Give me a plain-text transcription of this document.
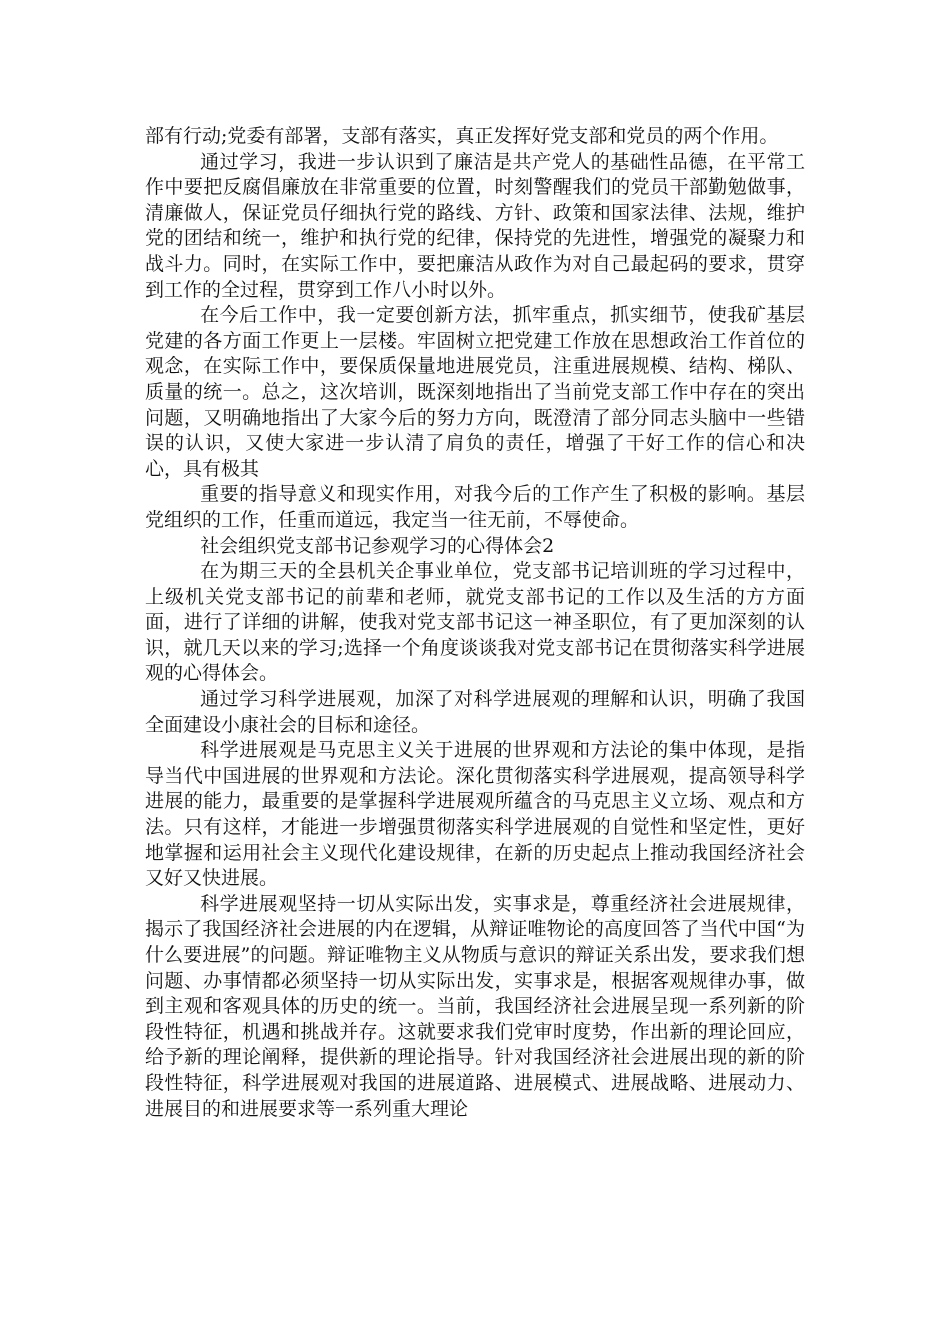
部有行动;党委有部署，支部有落实，真正发挥好党支部和党员的两个作用。

通过学习，我进一步认识到了廉洁是共产党人的基础性品德，在平常工作中要把反腐倡廉放在非常重要的位置，时刻警醒我们的党员干部勤勉做事，清廉做人，保证党员仔细执行党的路线、方针、政策和国家法律、法规，维护党的团结和统一，维护和执行党的纪律，保持党的先进性，增强党的凝聚力和战斗力。同时，在实际工作中，要把廉洁从政作为对自己最起码的要求，贯穿到工作的全过程，贯穿到工作八小时以外。

在今后工作中，我一定要创新方法，抓牢重点，抓实细节，使我矿基层党建的各方面工作更上一层楼。牢固树立把党建工作放在思想政治工作首位的观念，在实际工作中，要保质保量地进展党员，注重进展规模、结构、梯队、质量的统一。总之，这次培训，既深刻地指出了当前党支部工作中存在的突出问题，又明确地指出了大家今后的努力方向，既澄清了部分同志头脑中一些错误的认识，又使大家进一步认清了肩负的责任，增强了干好工作的信心和决心，具有极其

重要的指导意义和现实作用，对我今后的工作产生了积极的影响。基层党组织的工作，任重而道远，我定当一往无前，不辱使命。

社会组织党支部书记参观学习的心得体会2

在为期三天的全县机关企事业单位，党支部书记培训班的学习过程中，上级机关党支部书记的前辈和老师，就党支部书记的工作以及生活的方方面面，进行了详细的讲解，使我对党支部书记这一神圣职位，有了更加深刻的认识，就几天以来的学习;选择一个角度谈谈我对党支部书记在贯彻落实科学进展观的心得体会。

通过学习科学进展观，加深了对科学进展观的理解和认识，明确了我国全面建设小康社会的目标和途径。

科学进展观是马克思主义关于进展的世界观和方法论的集中体现，是指导当代中国进展的世界观和方法论。深化贯彻落实科学进展观，提高领导科学进展的能力，最重要的是掌握科学进展观所蕴含的马克思主义立场、观点和方法。只有这样，才能进一步增强贯彻落实科学进展观的自觉性和坚定性，更好地掌握和运用社会主义现代化建设规律，在新的历史起点上推动我国经济社会又好又快进展。

科学进展观坚持一切从实际出发，实事求是，尊重经济社会进展规律，揭示了我国经济社会进展的内在逻辑，从辩证唯物论的高度回答了当代中国“为什么要进展”的问题。辩证唯物主义从物质与意识的辩证关系出发，要求我们想问题、办事情都必须坚持一切从实际出发，实事求是，根据客观规律办事，做到主观和客观具体的历史的统一。当前，我国经济社会进展呈现一系列新的阶段性特征，机遇和挑战并存。这就要求我们党审时度势，作出新的理论回应，给予新的理论阐释，提供新的理论指导。针对我国经济社会进展出现的新的阶段性特征，科学进展观对我国的进展道路、进展模式、进展战略、进展动力、进展目的和进展要求等一系列重大理论
